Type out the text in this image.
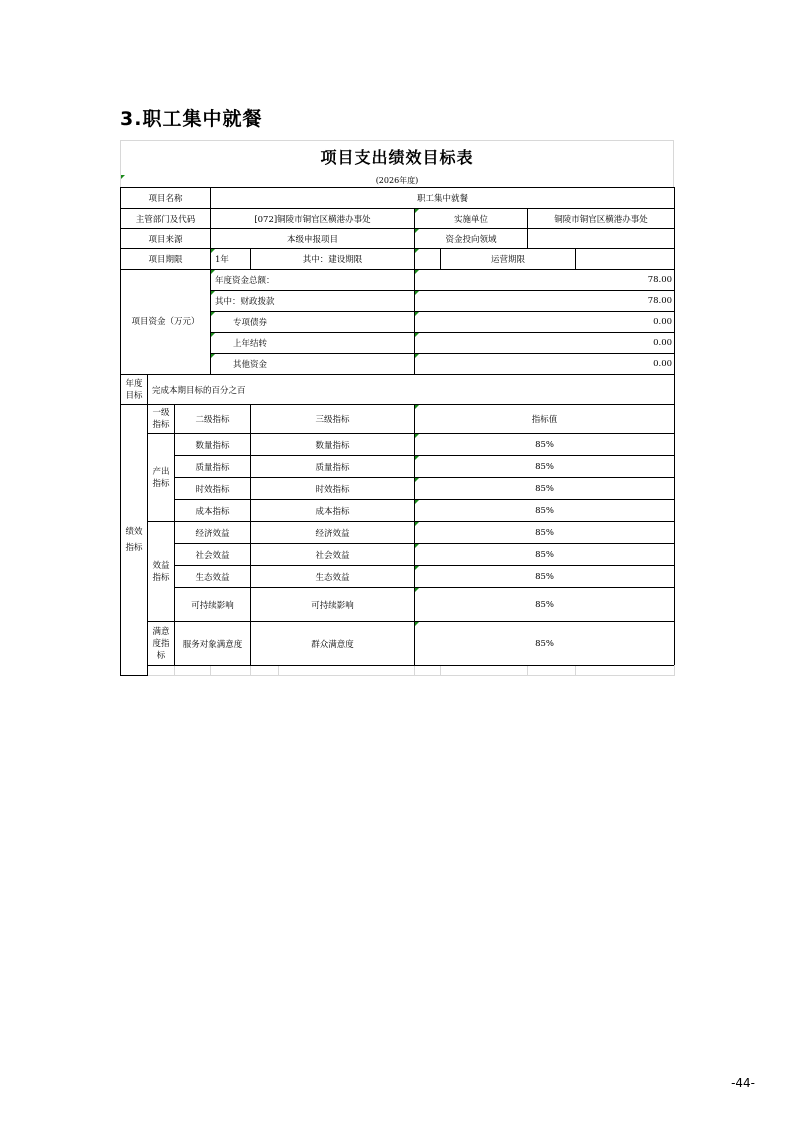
3.职工集中就餐
项目支出绩效目标表
(2026年度)
项目名称			职工集中就餐							
主管部门及代码			[072]铜陵市铜官区横港办事处			实施单位		铜陵市铜官区横港办事处		
项目来源			本级申报项目			资金投向领域				
项目期限			1年	其中：建设期限			运营期限			
项目资金（万元）			年度资金总额：			78.00				
			其中：财政拨款			78.00				
			专项债券			0.00				
			上年结转			0.00				
			其他资金			0.00				
年度目标	完成本期目标的百分之百									
绩效指标	一级指标	二级指标		三级指标		指标值				
	产出指标	数量指标		数量指标		85%				
		质量指标		质量指标		85%				
		时效指标		时效指标		85%				
		成本指标		成本指标		85%				
	效益指标	经济效益		经济效益		85%				
		社会效益		社会效益		85%				
		生态效益		生态效益		85%				
		可持续影响		可持续影响		85%				
	满意度指标	服务对象满意度		群众满意度		85%				

-44-
